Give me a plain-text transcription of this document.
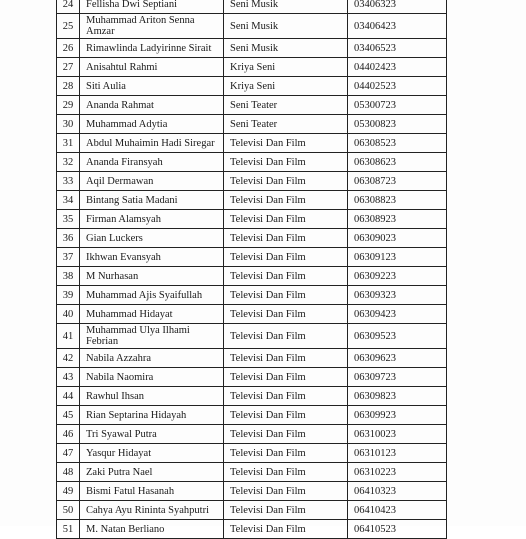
24	Fellisha Dwi Septiani	Seni Musik	03406323
25	Muhammad Ariton Senna Amzar	Seni Musik	03406423
26	Rimawlinda Ladyirinne Sirait	Seni Musik	03406523
27	Anisahtul Rahmi	Kriya Seni	04402423
28	Siti Aulia	Kriya Seni	04402523
29	Ananda Rahmat	Seni Teater	05300723
30	Muhammad Adytia	Seni Teater	05300823
31	Abdul Muhaimin Hadi Siregar	Televisi Dan Film	06308523
32	Ananda Firansyah	Televisi Dan Film	06308623
33	Aqil Dermawan	Televisi Dan Film	06308723
34	Bintang Satia Madani	Televisi Dan Film	06308823
35	Firman Alamsyah	Televisi Dan Film	06308923
36	Gian Luckers	Televisi Dan Film	06309023
37	Ikhwan Evansyah	Televisi Dan Film	06309123
38	M Nurhasan	Televisi Dan Film	06309223
39	Muhammad Ajis Syaifullah	Televisi Dan Film	06309323
40	Muhammad Hidayat	Televisi Dan Film	06309423
41	Muhammad Ulya Ilhami Febrian	Televisi Dan Film	06309523
42	Nabila Azzahra	Televisi Dan Film	06309623
43	Nabila Naomira	Televisi Dan Film	06309723
44	Rawhul Ihsan	Televisi Dan Film	06309823
45	Rian Septarina Hidayah	Televisi Dan Film	06309923
46	Tri Syawal Putra	Televisi Dan Film	06310023
47	Yasqur Hidayat	Televisi Dan Film	06310123
48	Zaki Putra Nael	Televisi Dan Film	06310223
49	Bismi Fatul Hasanah	Televisi Dan Film	06410323
50	Cahya Ayu Rininta Syahputri	Televisi Dan Film	06410423
51	M. Natan Berliano	Televisi Dan Film	06410523
